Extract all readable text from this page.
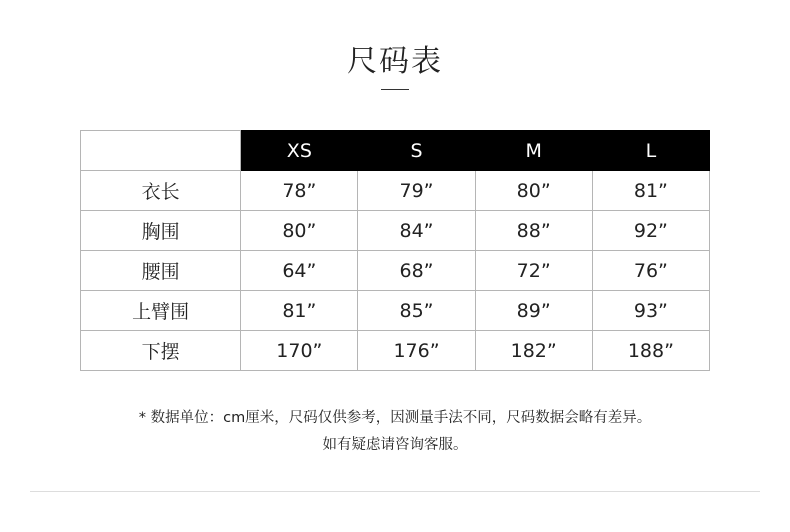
尺码表
	XS	S	M	L
衣长	78”	79”	80”	81”
胸围	80”	84”	88”	92”
腰围	64”	68”	72”	76”
上臂围	81”	85”	89”	93”
下摆	170”	176”	182”	188”
* 数据单位：cm厘米，尺码仅供参考，因测量手法不同，尺码数据会略有差异。
如有疑虑请咨询客服。
